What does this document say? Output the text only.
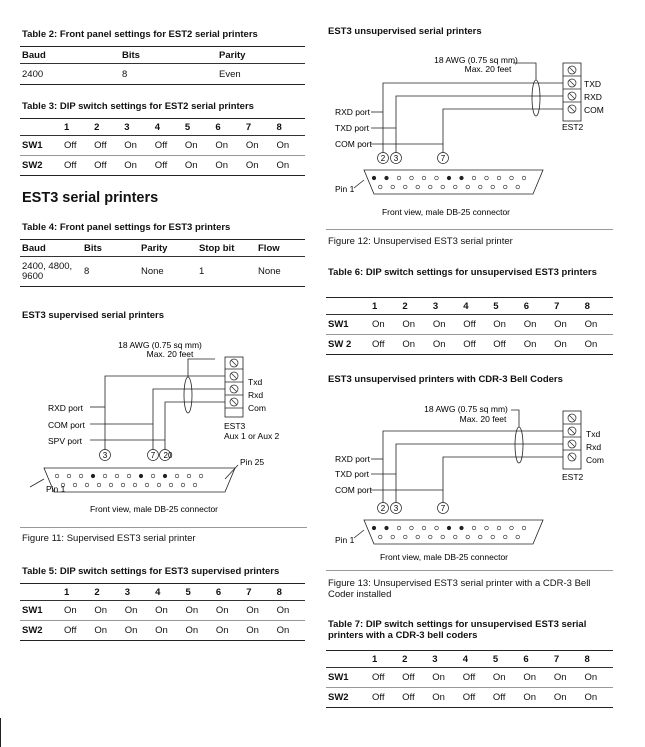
Table 2: Front panel settings for EST2 serial printers
Baud	Bits	Parity
2400	8	Even
Table 3: DIP switch settings for EST2 serial printers
	1	2	3	4	5	6	7	8
SW1	Off	Off	On	Off	On	On	On	On
SW2	Off	Off	On	Off	On	On	On	On
EST3 serial printers
Table 4: Front panel settings for EST3 printers
Baud	Bits	Parity	Stop bit	Flow
2400, 4800, 9600	8	None	1	None
EST3 supervised serial printers
18 AWG (0.75 sq mm)
Max. 20 feet
Txd
Rxd
Com
EST3
Aux 1 or Aux 2
RXD port
COM port
SPV port
3	7 20
Pin 25
Pin 1
Front view, male DB-25 connector
Figure 11: Supervised EST3 serial printer
Table 5: DIP switch settings for EST3 supervised printers
	1	2	3	4	5	6	7	8
SW1	On	On	On	On	On	On	On	On
SW2	Off	On	On	On	On	On	On	On
EST3 unsupervised serial printers
18 AWG (0.75 sq mm)
Max. 20 feet
TXD
RXD
COM
EST2
RXD port
TXD port
COM port
2 3	7
Pin 1
Front view, male DB-25 connector
Figure 12: Unsupervised EST3 serial printer
Table 6: DIP switch settings for unsupervised EST3 printers
	1	2	3	4	5	6	7	8
SW1	On	On	On	Off	On	On	On	On
SW 2	Off	On	On	Off	Off	On	On	On
EST3 unsupervised printers with CDR-3 Bell Coders
18 AWG (0.75 sq mm)
Max. 20 feet
Txd
Rxd
Com
EST2
RXD port
TXD port
COM port
2 3	7
Pin 1
Front view, male DB-25 connector
Figure 13: Unsupervised EST3 serial printer with a CDR-3 Bell Coder installed
Table 7: DIP switch settings for unsupervised EST3 serial printers with a CDR-3 bell coders
	1	2	3	4	5	6	7	8
SW1	Off	Off	On	Off	On	On	On	On
SW2	Off	Off	On	Off	Off	On	On	On
